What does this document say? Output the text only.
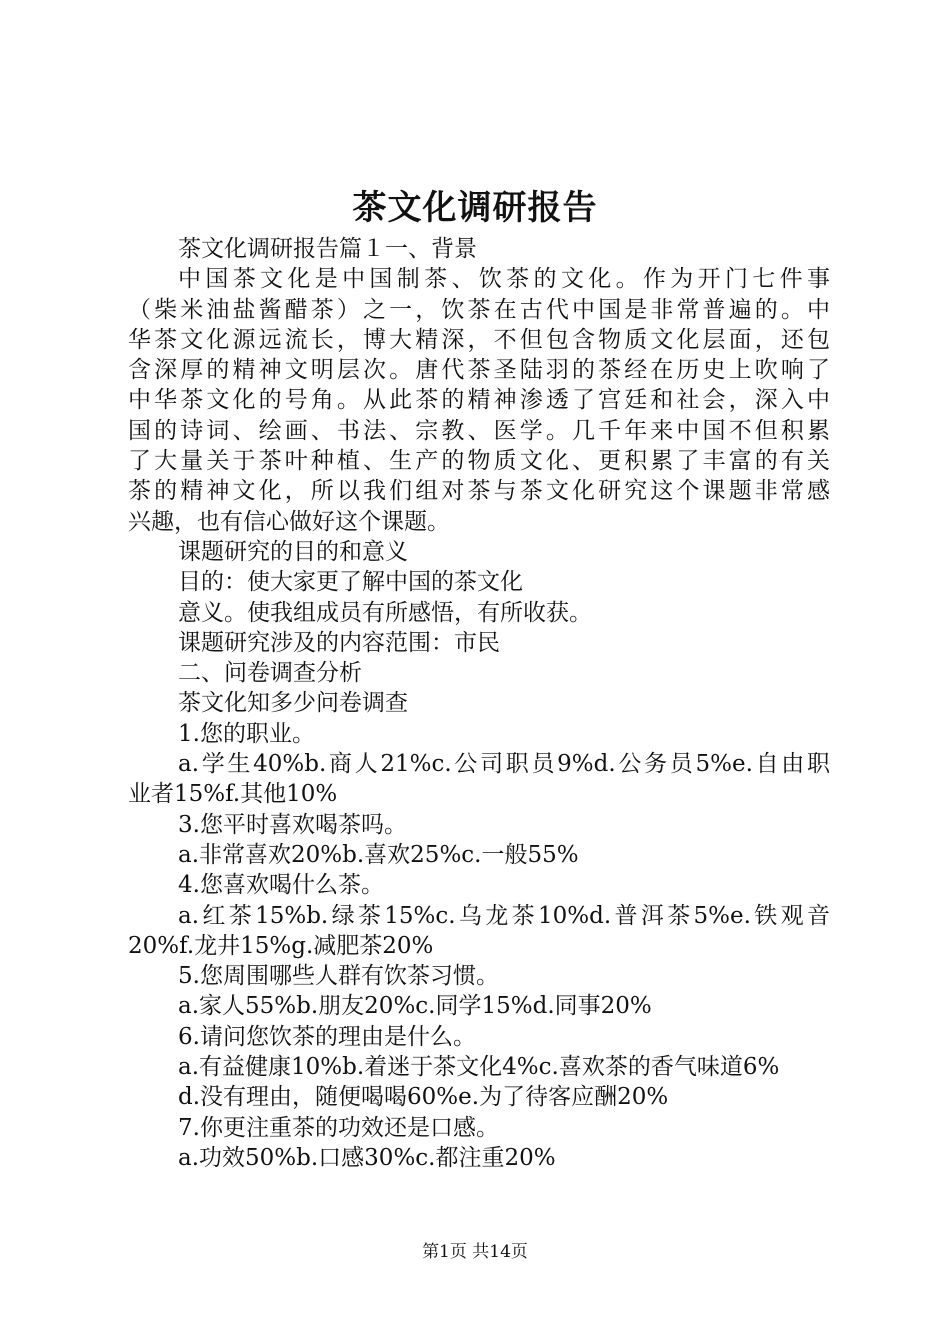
茶文化调研报告
茶文化调研报告篇１一、背景
中国茶文化是中国制茶、饮茶的文化。作为开门七件事
（柴米油盐酱醋茶）之一，饮茶在古代中国是非常普遍的。中
华茶文化源远流长，博大精深，不但包含物质文化层面，还包
含深厚的精神文明层次。唐代茶圣陆羽的茶经在历史上吹响了
中华茶文化的号角。从此茶的精神渗透了宫廷和社会，深入中
国的诗词、绘画、书法、宗教、医学。几千年来中国不但积累
了大量关于茶叶种植、生产的物质文化、更积累了丰富的有关
茶的精神文化，所以我们组对茶与茶文化研究这个课题非常感
兴趣，也有信心做好这个课题。
课题研究的目的和意义
目的：使大家更了解中国的茶文化
意义。使我组成员有所感悟，有所收获。
课题研究涉及的内容范围：市民
二、问卷调查分析
茶文化知多少问卷调查
1.您的职业。
a.学生40%b.商人21%c.公司职员9%d.公务员5%e.自由职
业者15%f.其他10%
3.您平时喜欢喝茶吗。
a.非常喜欢20%b.喜欢25%c.一般55%
4.您喜欢喝什么茶。
a.红茶15%b.绿茶15%c.乌龙茶10%d.普洱茶5%e.铁观音
20%f.龙井15%g.减肥茶20%
5.您周围哪些人群有饮茶习惯。
a.家人55%b.朋友20%c.同学15%d.同事20%
6.请问您饮茶的理由是什么。
a.有益健康10%b.着迷于茶文化4%c.喜欢茶的香气味道6%
d.没有理由，随便喝喝60%e.为了待客应酬20%
7.你更注重茶的功效还是口感。
a.功效50%b.口感30%c.都注重20%
第1页 共14页
